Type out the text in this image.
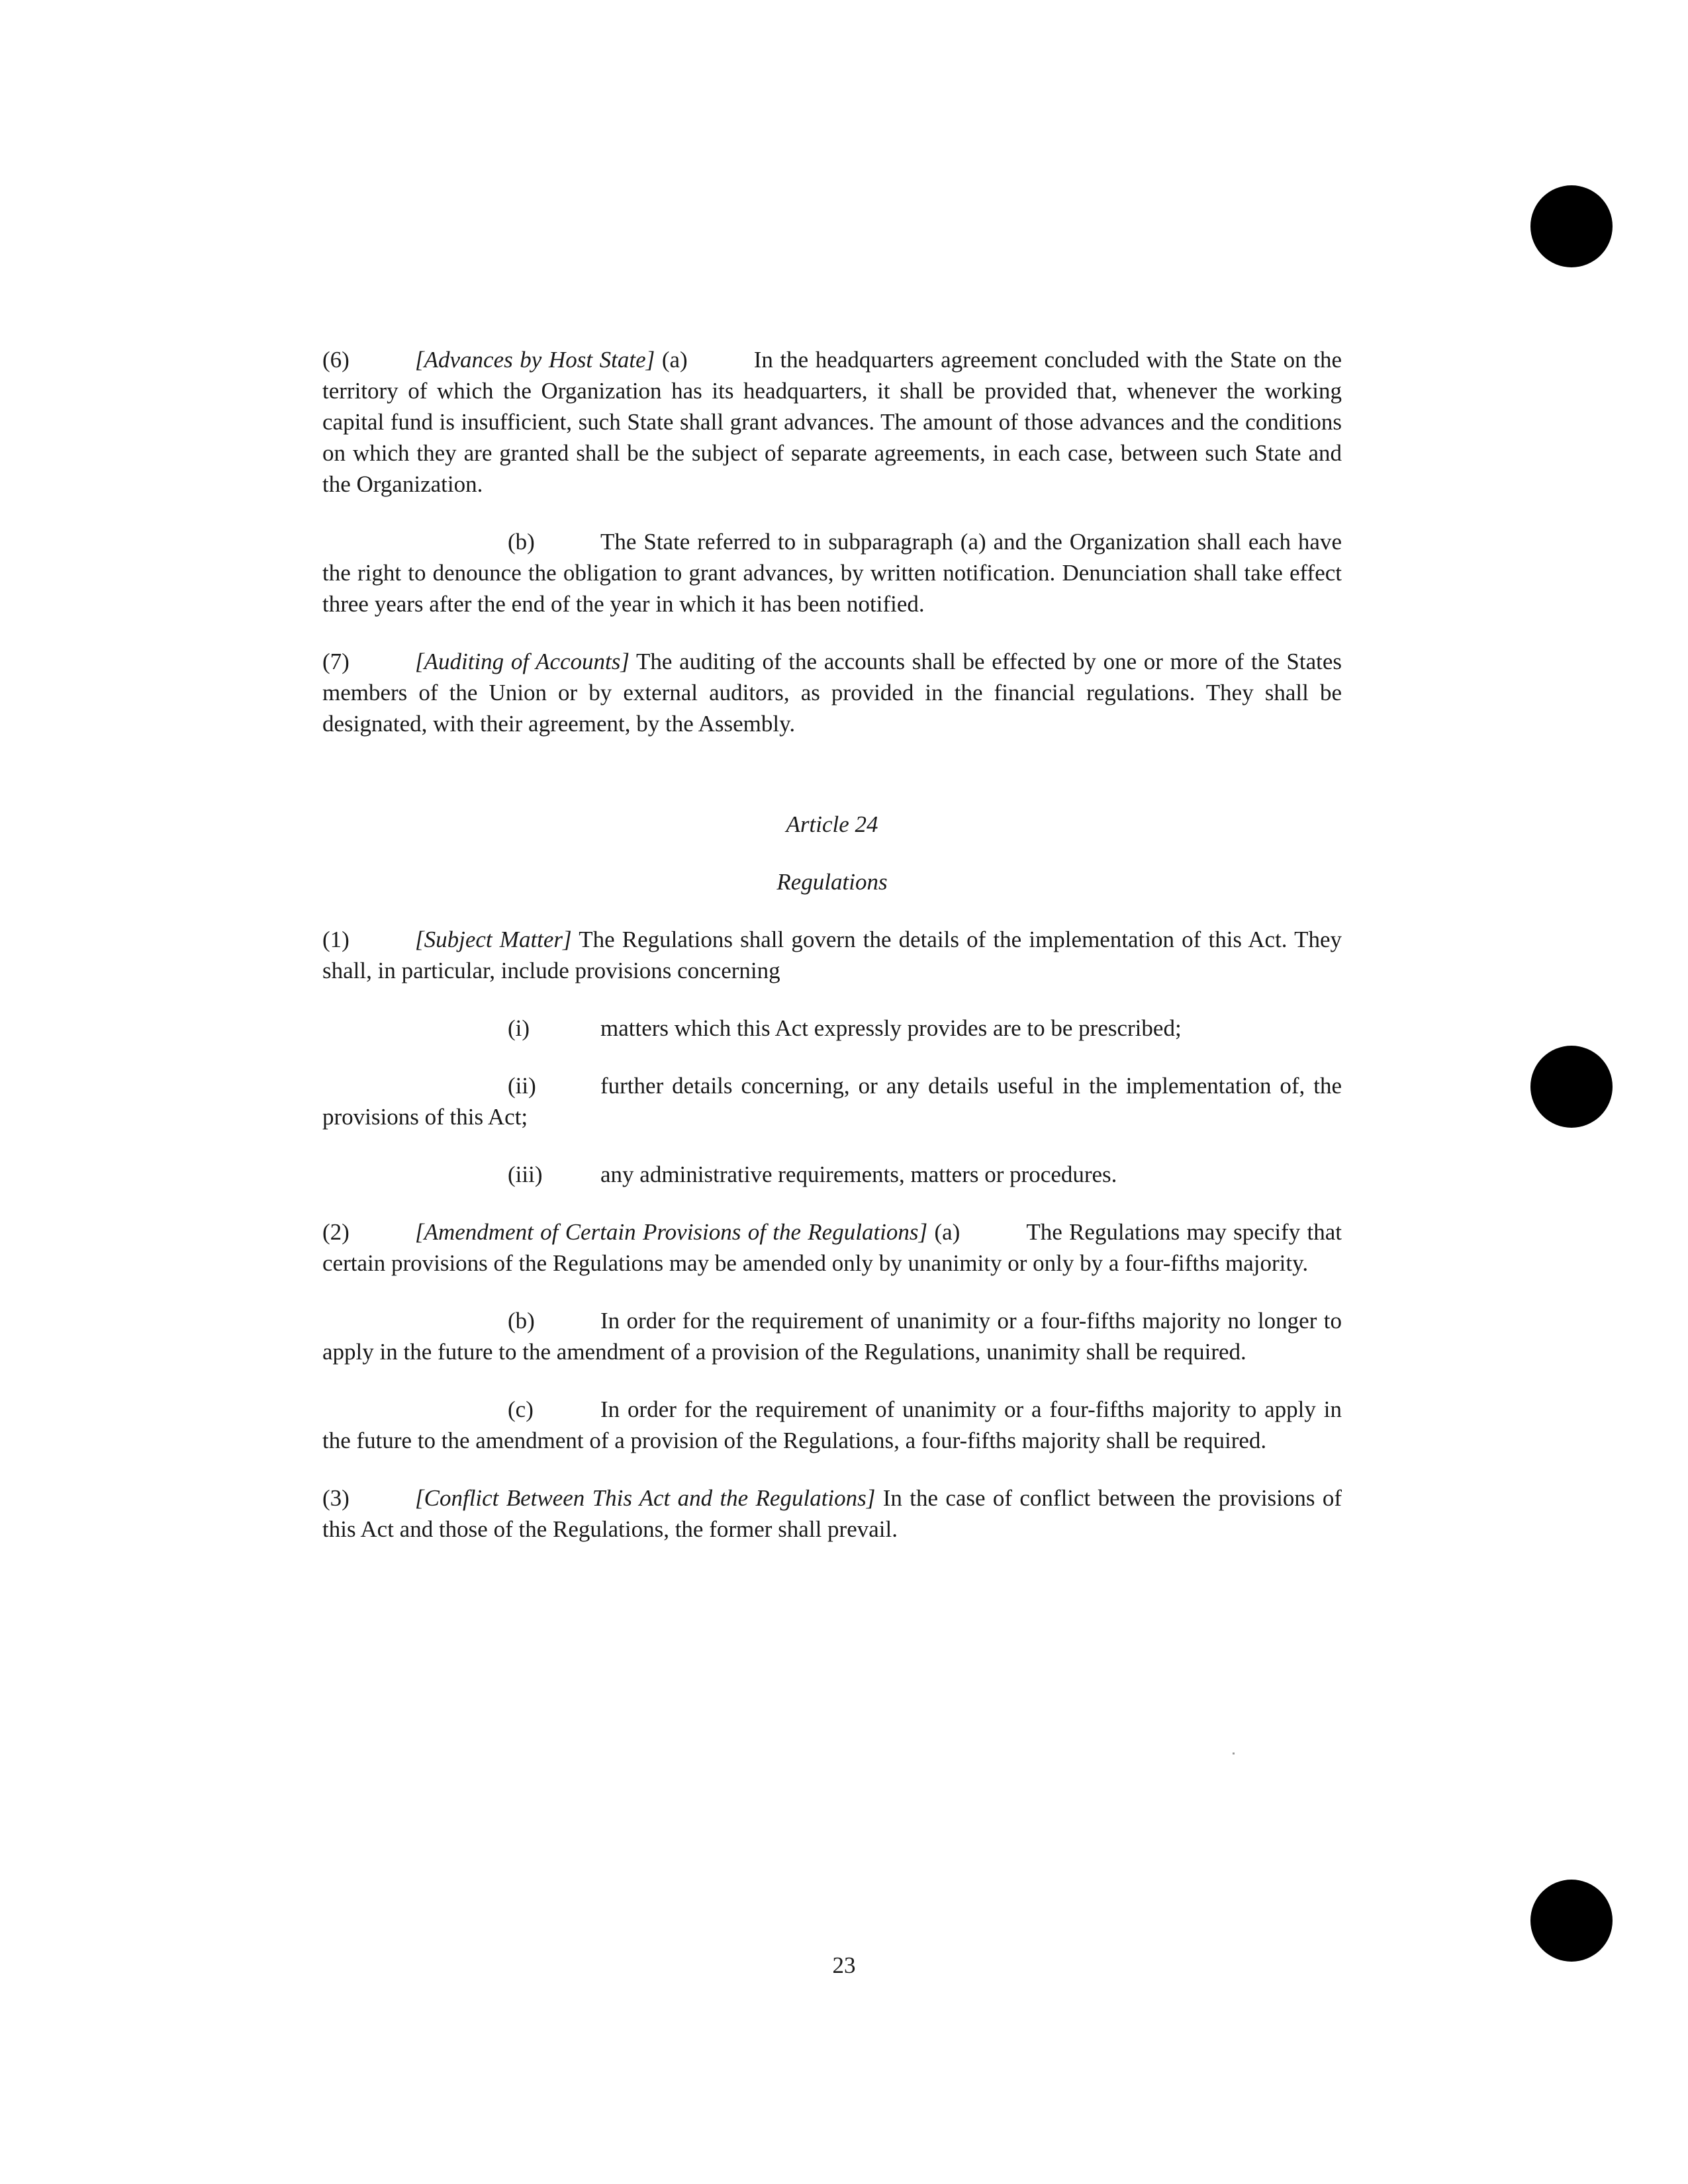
(6)	[Advances by Host State] (a)	In the headquarters agreement concluded with the State on the territory of which the Organization has its headquarters, it shall be provided that, whenever the working capital fund is insufficient, such State shall grant advances. The amount of those advances and the conditions on which they are granted shall be the subject of separate agreements, in each case, between such State and the Organization.

(b)	The State referred to in subparagraph (a) and the Organization shall each have the right to denounce the obligation to grant advances, by written notification. Denunciation shall take effect three years after the end of the year in which it has been notified.

(7)	[Auditing of Accounts] The auditing of the accounts shall be effected by one or more of the States members of the Union or by external auditors, as provided in the financial regulations. They shall be designated, with their agreement, by the Assembly.

Article 24

Regulations

(1)	[Subject Matter] The Regulations shall govern the details of the implementation of this Act. They shall, in particular, include provisions concerning

(i)	matters which this Act expressly provides are to be prescribed;

(ii)	further details concerning, or any details useful in the implementation of, the provisions of this Act;

(iii)	any administrative requirements, matters or procedures.

(2)	[Amendment of Certain Provisions of the Regulations] (a)	The Regulations may specify that certain provisions of the Regulations may be amended only by unanimity or only by a four-fifths majority.

(b)	In order for the requirement of unanimity or a four-fifths majority no longer to apply in the future to the amendment of a provision of the Regulations, unanimity shall be required.

(c)	In order for the requirement of unanimity or a four-fifths majority to apply in the future to the amendment of a provision of the Regulations, a four-fifths majority shall be required.

(3)	[Conflict Between This Act and the Regulations] In the case of conflict between the provisions of this Act and those of the Regulations, the former shall prevail.

23
